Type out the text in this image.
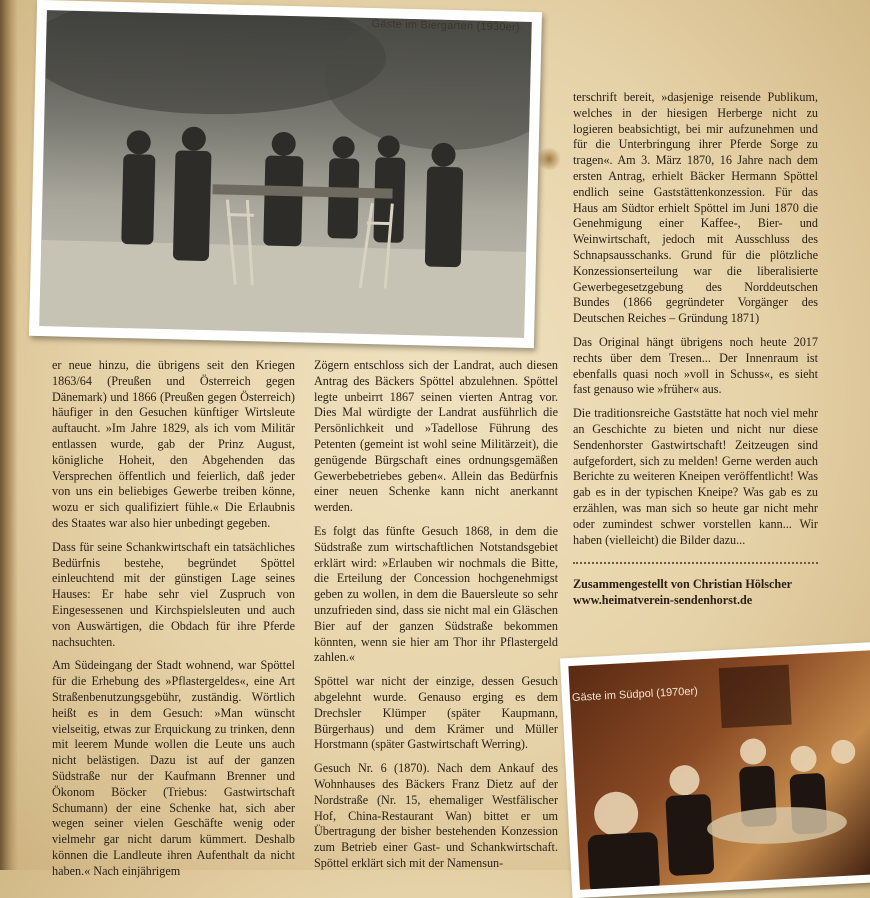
Gäste im Biergarten (1930er)

er neue hinzu, die übrigens seit den Kriegen 1863/64 (Preußen und Österreich gegen Dänemark) und 1866 (Preußen gegen Österreich) häufiger in den Gesuchen künftiger Wirtsleute auftaucht. »Im Jahre 1829, als ich vom Militär entlassen wurde, gab der Prinz August, königliche Hoheit, den Abgehenden das Versprechen öffentlich und feierlich, daß jeder von uns ein beliebiges Gewerbe treiben könne, wozu er sich qualifiziert fühle.« Die Erlaubnis des Staates war also hier unbedingt gegeben.

Dass für seine Schankwirtschaft ein tatsächliches Bedürfnis bestehe, begründet Spöttel einleuchtend mit der günstigen Lage seines Hauses: Er habe sehr viel Zuspruch von Eingesessenen und Kirchspielsleuten und auch von Auswärtigen, die Obdach für ihre Pferde nachsuchten.

Am Südeingang der Stadt wohnend, war Spöttel für die Erhebung des »Pflastergeldes«, eine Art Straßenbenutzungsgebühr, zuständig. Wörtlich heißt es in dem Gesuch: »Man wünscht vielseitig, etwas zur Erquickung zu trinken, denn mit leerem Munde wollen die Leute uns auch nicht belästigen. Dazu ist auf der ganzen Südstraße nur der Kaufmann Brenner und Ökonom Böcker (Triebus: Gastwirtschaft Schumann) der eine Schenke hat, sich aber wegen seiner vielen Geschäfte wenig oder vielmehr gar nicht darum kümmert. Deshalb können die Landleute ihren Aufenthalt da nicht haben.« Nach einjährigem

Zögern entschloss sich der Landrat, auch diesen Antrag des Bäckers Spöttel abzulehnen. Spöttel legte unbeirrt 1867 seinen vierten Antrag vor. Dies Mal würdigte der Landrat ausführlich die Persönlichkeit und »Tadellose Führung des Petenten (gemeint ist wohl seine Militärzeit), die genügende Bürgschaft eines ordnungsgemäßen Gewerbebetriebes geben«. Allein das Bedürfnis einer neuen Schenke kann nicht anerkannt werden.

Es folgt das fünfte Gesuch 1868, in dem die Südstraße zum wirtschaftlichen Notstandsgebiet erklärt wird: »Erlauben wir nochmals die Bitte, die Erteilung der Concession hochgenehmigst geben zu wollen, in dem die Bauersleute so sehr unzufrieden sind, dass sie nicht mal ein Gläschen Bier auf der ganzen Südstraße bekommen könnten, wenn sie hier am Thor ihr Pflastergeld zahlen.«

Spöttel war nicht der einzige, dessen Gesuch abgelehnt wurde. Genauso erging es dem Drechsler Klümper (später Kaupmann, Bürgerhaus) und dem Krämer und Müller Horstmann (später Gastwirtschaft Werring).

Gesuch Nr. 6 (1870). Nach dem Ankauf des Wohnhauses des Bäckers Franz Dietz auf der Nordstraße (Nr. 15, ehemaliger Westfälischer Hof, China-Restaurant Wan) bittet er um Übertragung der bisher bestehenden Konzession zum Betrieb einer Gast- und Schankwirtschaft. Spöttel erklärt sich mit der Namensun-

terschrift bereit, »dasjenige reisende Publikum, welches in der hiesigen Herberge nicht zu logieren beabsichtigt, bei mir aufzunehmen und für die Unterbringung ihrer Pferde Sorge zu tragen«. Am 3. März 1870, 16 Jahre nach dem ersten Antrag, erhielt Bäcker Hermann Spöttel endlich seine Gaststättenkonzession. Für das Haus am Südtor erhielt Spöttel im Juni 1870 die Genehmigung einer Kaffee-, Bier- und Weinwirtschaft, jedoch mit Ausschluss des Schnapsausschanks. Grund für die plötzliche Konzessionserteilung war die liberalisierte Gewerbegesetzgebung des Norddeutschen Bundes (1866 gegründeter Vorgänger des Deutschen Reiches – Gründung 1871)

Das Original hängt übrigens noch heute 2017 rechts über dem Tresen... Der Innenraum ist ebenfalls quasi noch »voll in Schuss«, es sieht fast genauso wie »früher« aus.

Die traditionsreiche Gaststätte hat noch viel mehr an Geschichte zu bieten und nicht nur diese Sendenhorster Gastwirtschaft! Zeitzeugen sind aufgefordert, sich zu melden! Gerne werden auch Berichte zu weiteren Kneipen veröffentlicht! Was gab es in der typischen Kneipe? Was gab es zu erzählen, was man sich so heute gar nicht mehr oder zumindest schwer vorstellen kann... Wir haben (vielleicht) die Bilder dazu...

Zusammengestellt von Christian Hölscher
www.heimatverein-sendenhorst.de
Gäste im Südpol (1970er)
